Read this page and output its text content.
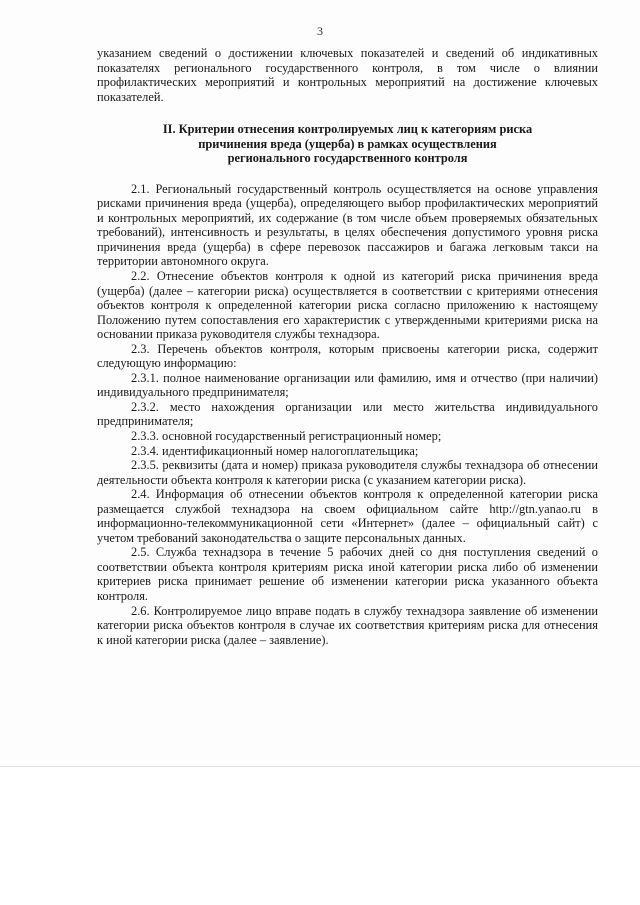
3

указанием сведений о достижении ключевых показателей и сведений об индикативных показателях регионального государственного контроля, в том числе о влиянии профилактических мероприятий и контрольных мероприятий на достижение ключевых показателей.

II. Критерии отнесения контролируемых лиц к категориям риска
причинения вреда (ущерба) в рамках осуществления
регионального государственного контроля

2.1. Региональный государственный контроль осуществляется на основе управления рисками причинения вреда (ущерба), определяющего выбор профилактических мероприятий и контрольных мероприятий, их содержание (в том числе объем проверяемых обязательных требований), интенсивность и результаты, в целях обеспечения допустимого уровня риска причинения вреда (ущерба) в сфере перевозок пассажиров и багажа легковым такси на территории автономного округа.

2.2. Отнесение объектов контроля к одной из категорий риска причинения вреда (ущерба) (далее – категории риска) осуществляется в соответствии с критериями отнесения объектов контроля к определенной категории риска согласно приложению к настоящему Положению путем сопоставления его характеристик с утвержденными критериями риска на основании приказа руководителя службы технадзора.

2.3. Перечень объектов контроля, которым присвоены категории риска, содержит следующую информацию:

2.3.1. полное наименование организации или фамилию, имя и отчество (при наличии) индивидуального предпринимателя;

2.3.2. место нахождения организации или место жительства индивидуального предпринимателя;

2.3.3. основной государственный регистрационный номер;

2.3.4. идентификационный номер налогоплательщика;

2.3.5. реквизиты (дата и номер) приказа руководителя службы технадзора об отнесении деятельности объекта контроля к категории риска (с указанием категории риска).

2.4. Информация об отнесении объектов контроля к определенной категории риска размещается службой технадзора на своем официальном сайте http://gtn.yanao.ru в информационно-телекоммуникационной сети «Интернет» (далее – официальный сайт) с учетом требований законодательства о защите персональных данных.

2.5. Служба технадзора в течение 5 рабочих дней со дня поступления сведений о соответствии объекта контроля критериям риска иной категории риска либо об изменении критериев риска принимает решение об изменении категории риска указанного объекта контроля.

2.6. Контролируемое лицо вправе подать в службу технадзора заявление об изменении категории риска объектов контроля в случае их соответствия критериям риска для отнесения к иной категории риска (далее – заявление).
